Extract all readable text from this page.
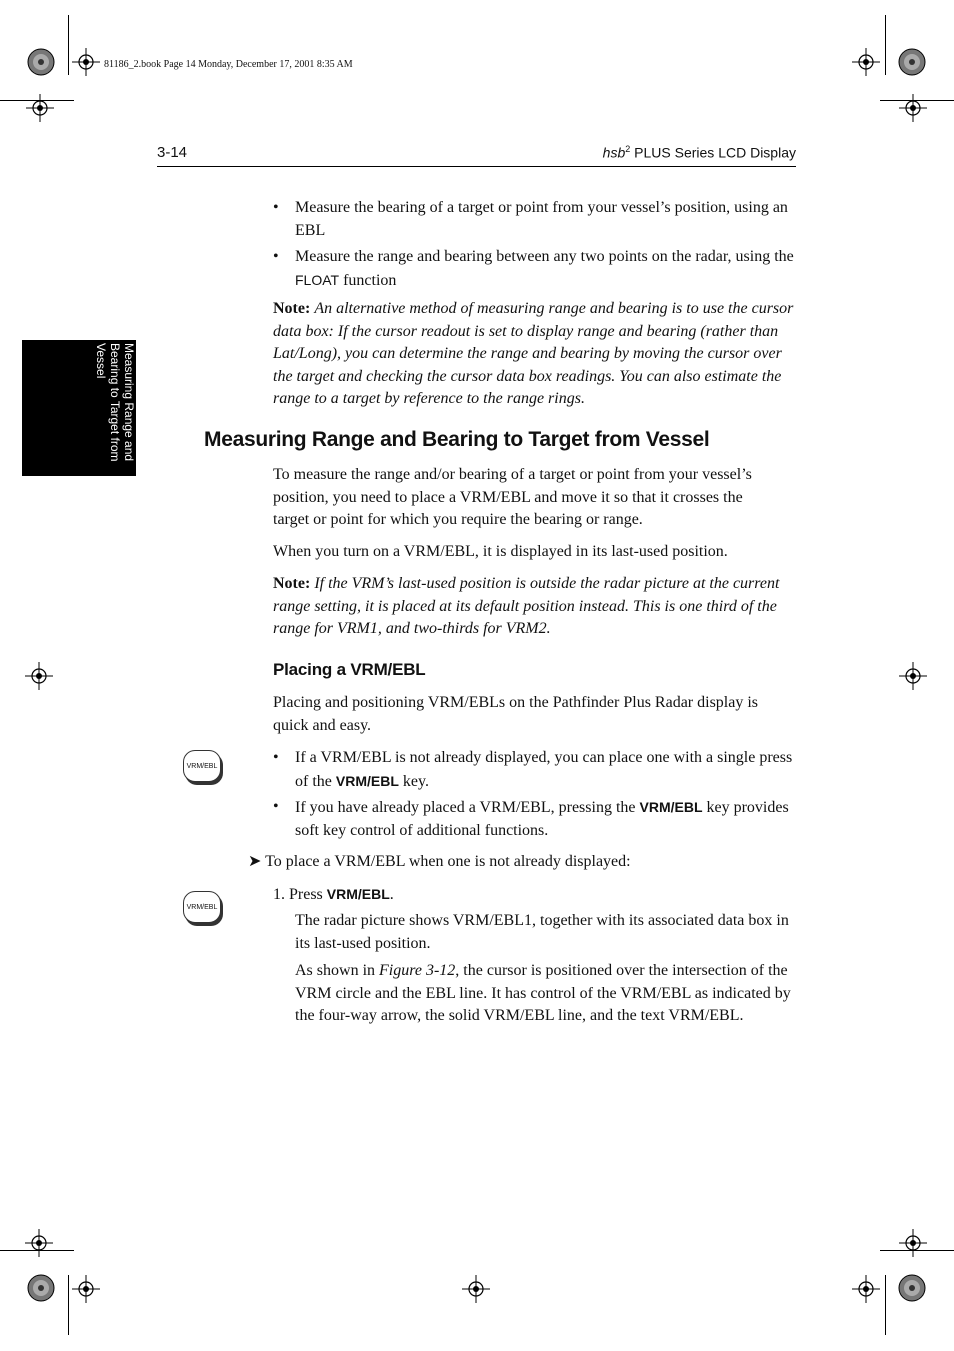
81186_2.book Page 14 Monday, December 17, 2001 8:35 AM
3-14	hsb$^2$ PLUS Series LCD Display
Measuring Range and Bearing to Target from Vessel
• Measure the bearing of a target or point from your vessel’s position, using an EBL
• Measure the range and bearing between any two points on the radar, using the FLOAT function
Note: An alternative method of measuring range and bearing is to use the cursor data box: If the cursor readout is set to display range and bearing (rather than Lat/Long), you can determine the range and bearing by moving the cursor over the target and checking the cursor data box readings. You can also estimate the range to a target by reference to the range rings.
Measuring Range and Bearing to Target from Vessel
To measure the range and/or bearing of a target or point from your vessel’s position, you need to place a VRM/EBL and move it so that it crosses the target or point for which you require the bearing or range.
When you turn on a VRM/EBL, it is displayed in its last-used position.
Note: If the VRM’s last-used position is outside the radar picture at the current range setting, it is placed at its default position instead. This is one third of the range for VRM1, and two-thirds for VRM2.
Placing a VRM/EBL
Placing and positioning VRM/EBLs on the Pathfinder Plus Radar display is quick and easy.
VRM/EBL	• If a VRM/EBL is not already displayed, you can place one with a single press of the VRM/EBL key.
• If you have already placed a VRM/EBL, pressing the VRM/EBL key provides soft key control of additional functions.
➤ To place a VRM/EBL when one is not already displayed:
VRM/EBL
1. Press VRM/EBL.
The radar picture shows VRM/EBL1, together with its associated data box in its last-used position.
As shown in Figure 3-12, the cursor is positioned over the intersection of the VRM circle and the EBL line. It has control of the VRM/EBL as indicated by the four-way arrow, the solid VRM/EBL line, and the text VRM/EBL.
